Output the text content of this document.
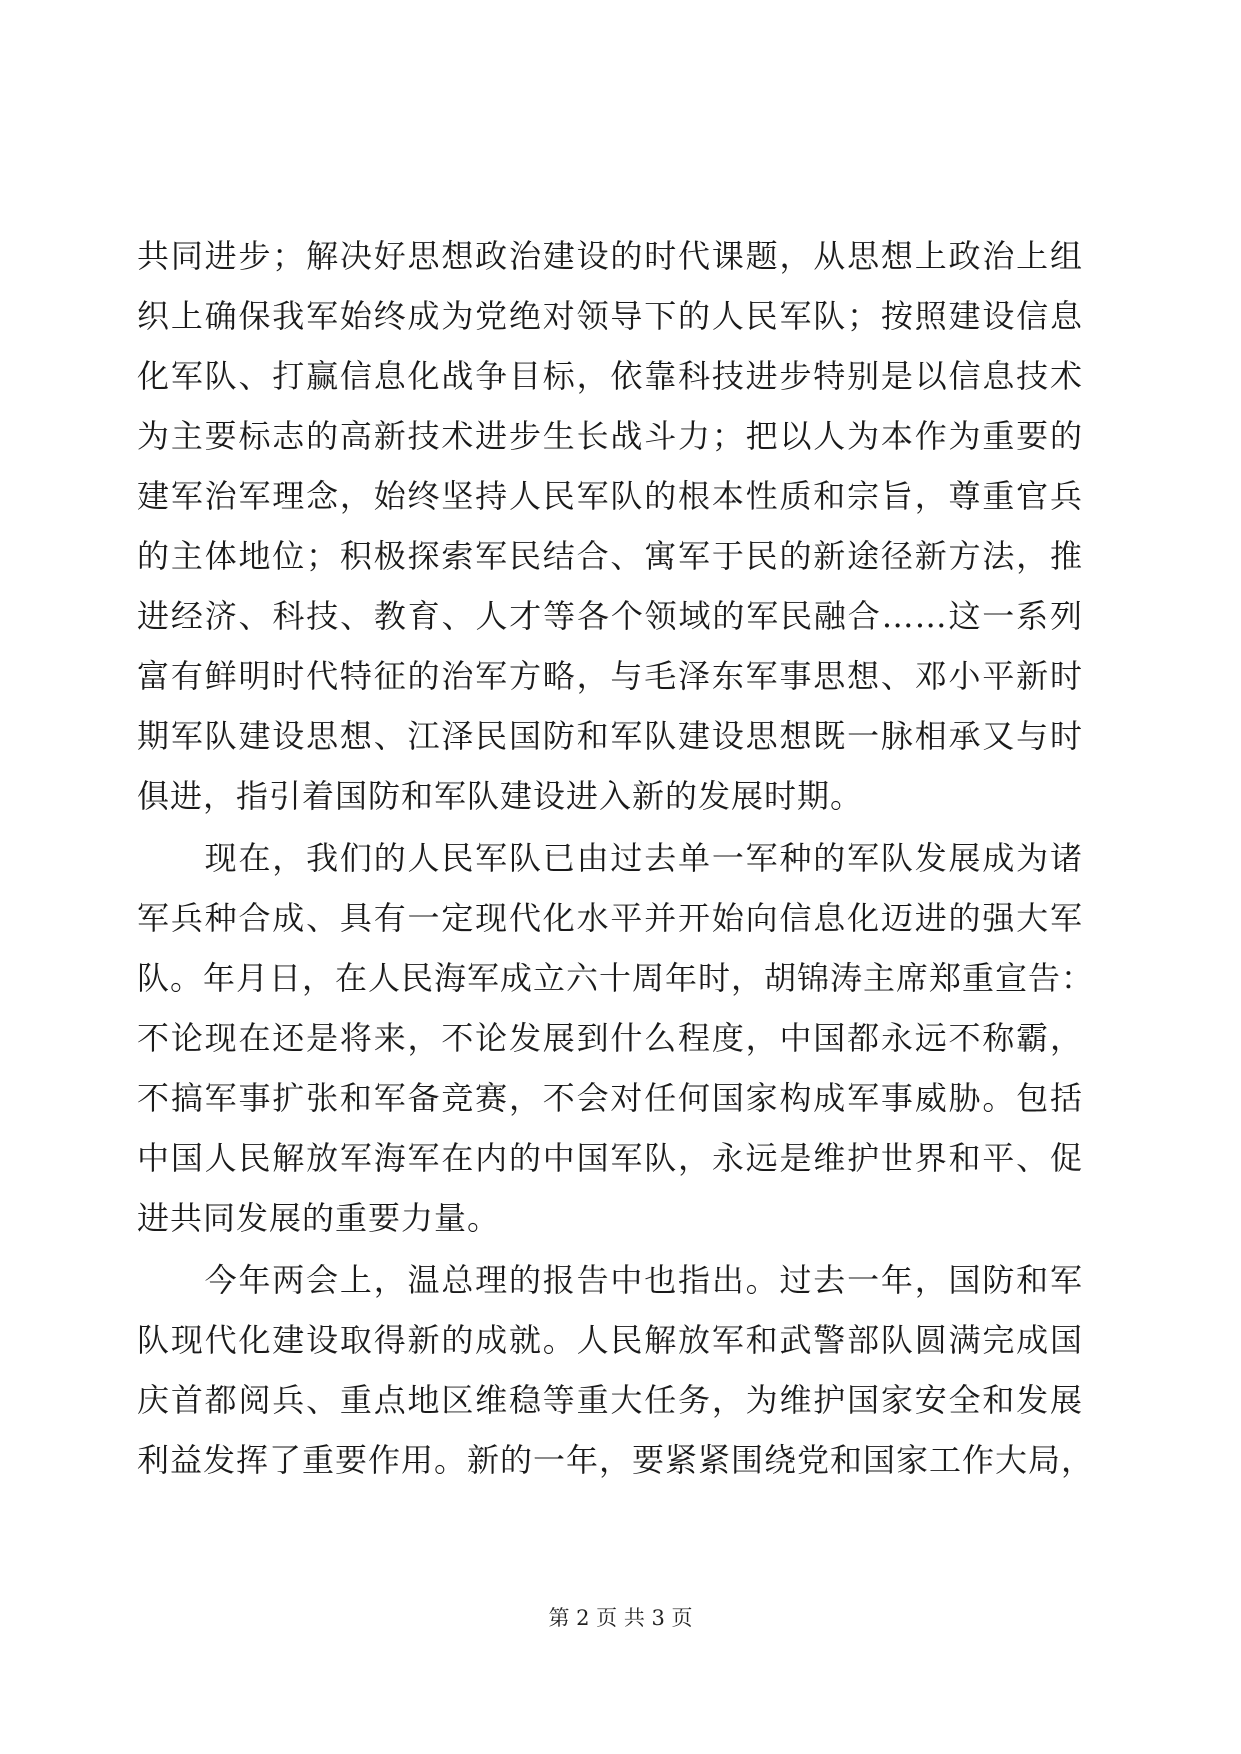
共同进步；解决好思想政治建设的时代课题，从思想上政治上组
织上确保我军始终成为党绝对领导下的人民军队；按照建设信息
化军队、打赢信息化战争目标，依靠科技进步特别是以信息技术
为主要标志的高新技术进步生长战斗力；把以人为本作为重要的
建军治军理念，始终坚持人民军队的根本性质和宗旨，尊重官兵
的主体地位；积极探索军民结合、寓军于民的新途径新方法，推
进经济、科技、教育、人才等各个领域的军民融合……这一系列
富有鲜明时代特征的治军方略，与毛泽东军事思想、邓小平新时
期军队建设思想、江泽民国防和军队建设思想既一脉相承又与时
俱进，指引着国防和军队建设进入新的发展时期。
　　现在，我们的人民军队已由过去单一军种的军队发展成为诸
军兵种合成、具有一定现代化水平并开始向信息化迈进的强大军
队。年月日，在人民海军成立六十周年时，胡锦涛主席郑重宣告：
不论现在还是将来，不论发展到什么程度，中国都永远不称霸，
不搞军事扩张和军备竞赛，不会对任何国家构成军事威胁。包括
中国人民解放军海军在内的中国军队，永远是维护世界和平、促
进共同发展的重要力量。
　　今年两会上，温总理的报告中也指出。过去一年，国防和军
队现代化建设取得新的成就。人民解放军和武警部队圆满完成国
庆首都阅兵、重点地区维稳等重大任务，为维护国家安全和发展
利益发挥了重要作用。新的一年，要紧紧围绕党和国家工作大局，
第 2 页 共 3 页
